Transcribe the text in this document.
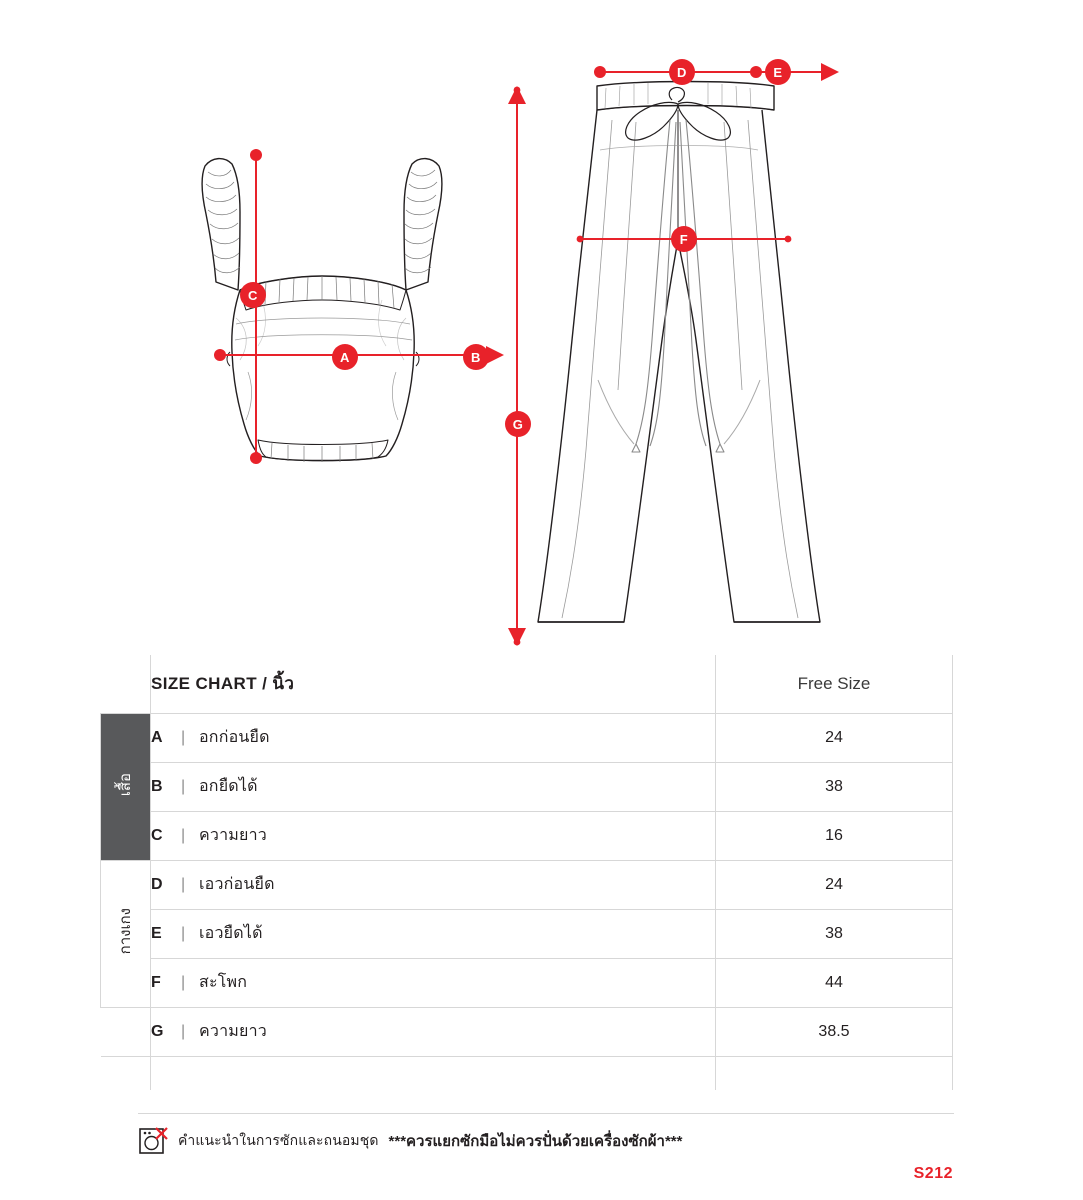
A	B
C
D	E
F
G
	SIZE CHART / นิ้ว	Free Size
เสื้อ	A | อกก่อนยืด	24
	B | อกยืดได้	38
	C | ความยาว	16
กางเกง	D | เอวก่อนยืด	24
	E | เอวยืดได้	38
	F | สะโพก	44
	G | ความยาว	38.5

คำแนะนำในการซักและถนอมชุด ***ควรแยกซักมือไม่ควรปั่นด้วยเครื่องซักผ้า***
S212
